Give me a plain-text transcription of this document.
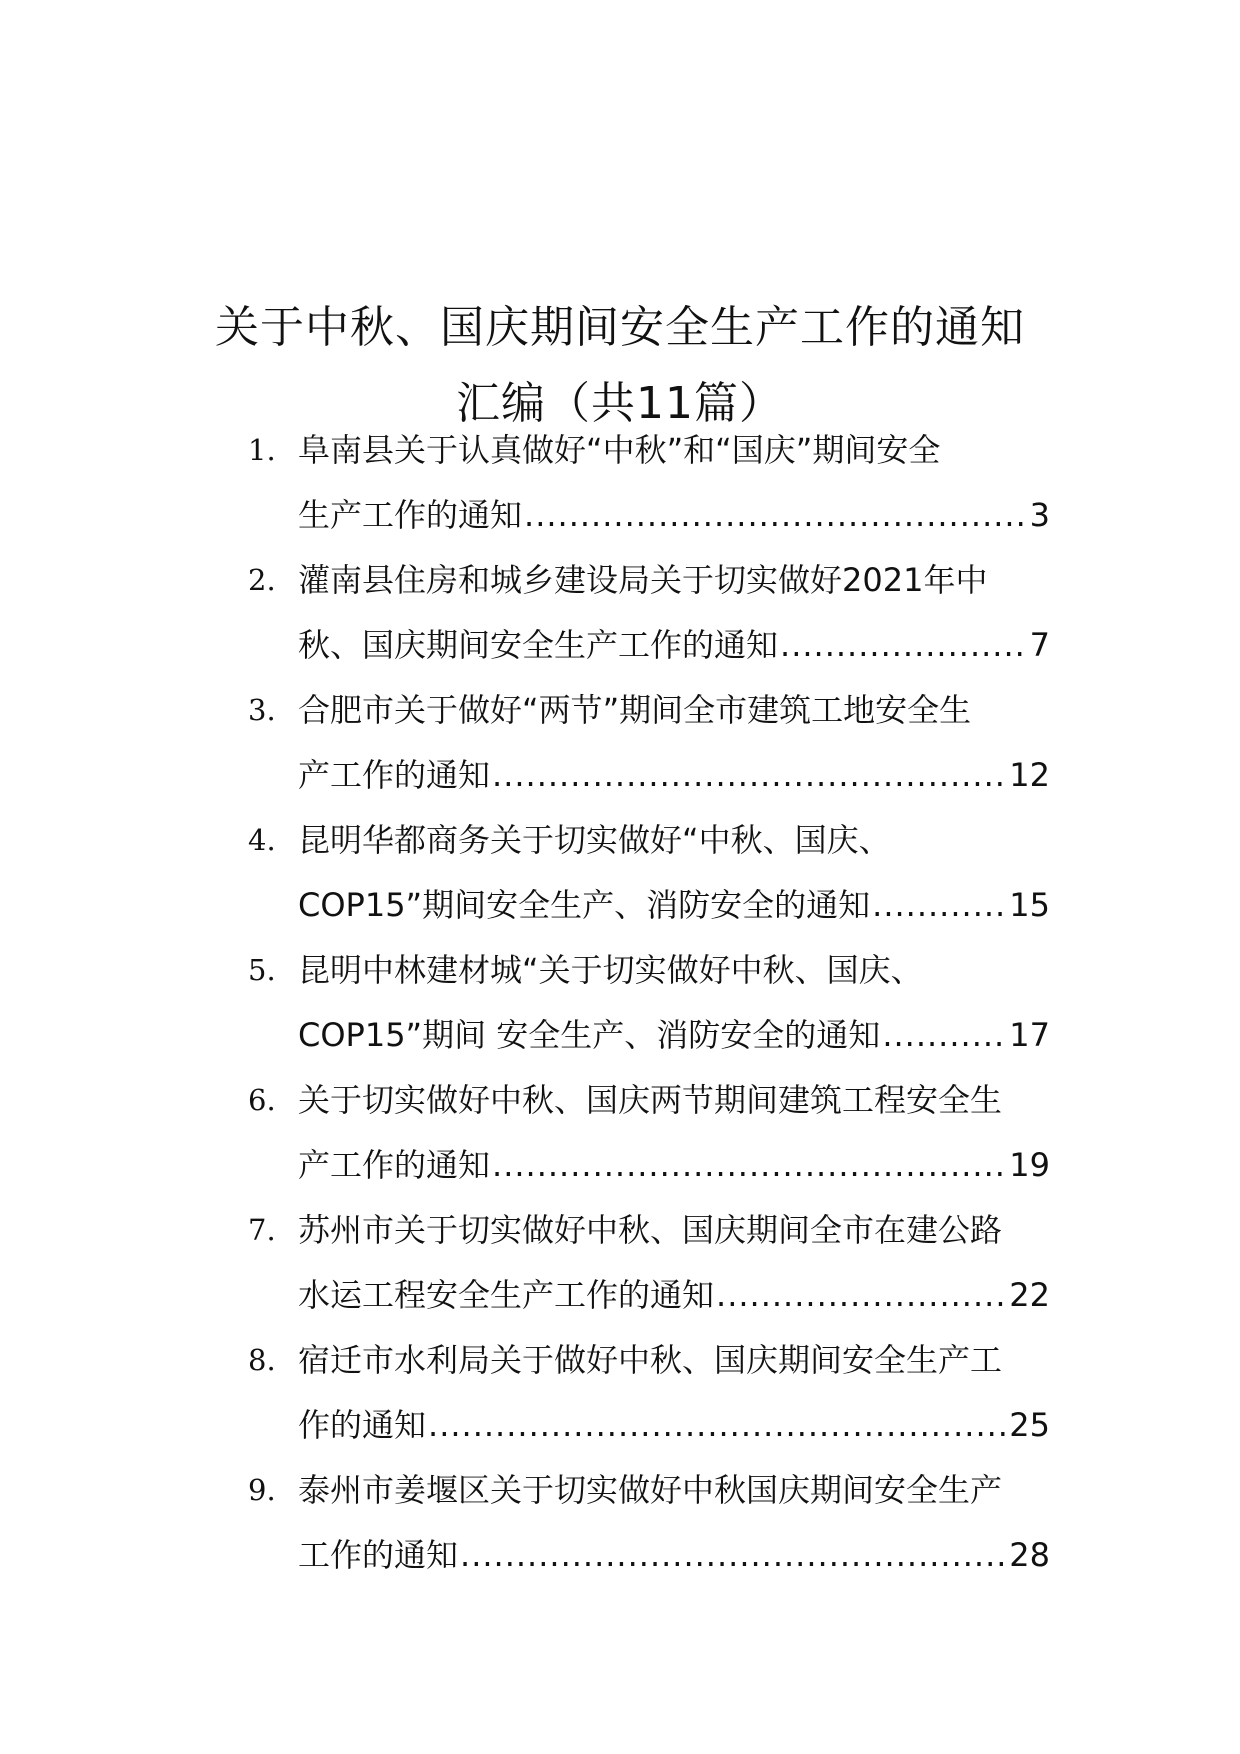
关于中秋、国庆期间安全生产工作的通知
汇编（共11篇）
1. 阜南县关于认真做好“中秋”和“国庆”期间安全
生产工作的通知 .....	3
2. 灌南县住房和城乡建设局关于切实做好2021年中
秋、国庆期间安全生产工作的通知 .....	7
3. 合肥市关于做好“两节”期间全市建筑工地安全生
产工作的通知 .....	12
4. 昆明华都商务关于切实做好“中秋、国庆、
COP15”期间安全生产、消防安全的通知 .....	15
5. 昆明中林建材城“关于切实做好中秋、国庆、
COP15”期间 安全生产、消防安全的通知 .....	17
6. 关于切实做好中秋、国庆两节期间建筑工程安全生
产工作的通知 .....	19
7. 苏州市关于切实做好中秋、国庆期间全市在建公路
水运工程安全生产工作的通知 .....	22
8. 宿迁市水利局关于做好中秋、国庆期间安全生产工
作的通知 .....	25
9. 泰州市姜堰区关于切实做好中秋国庆期间安全生产
工作的通知 .....	28
